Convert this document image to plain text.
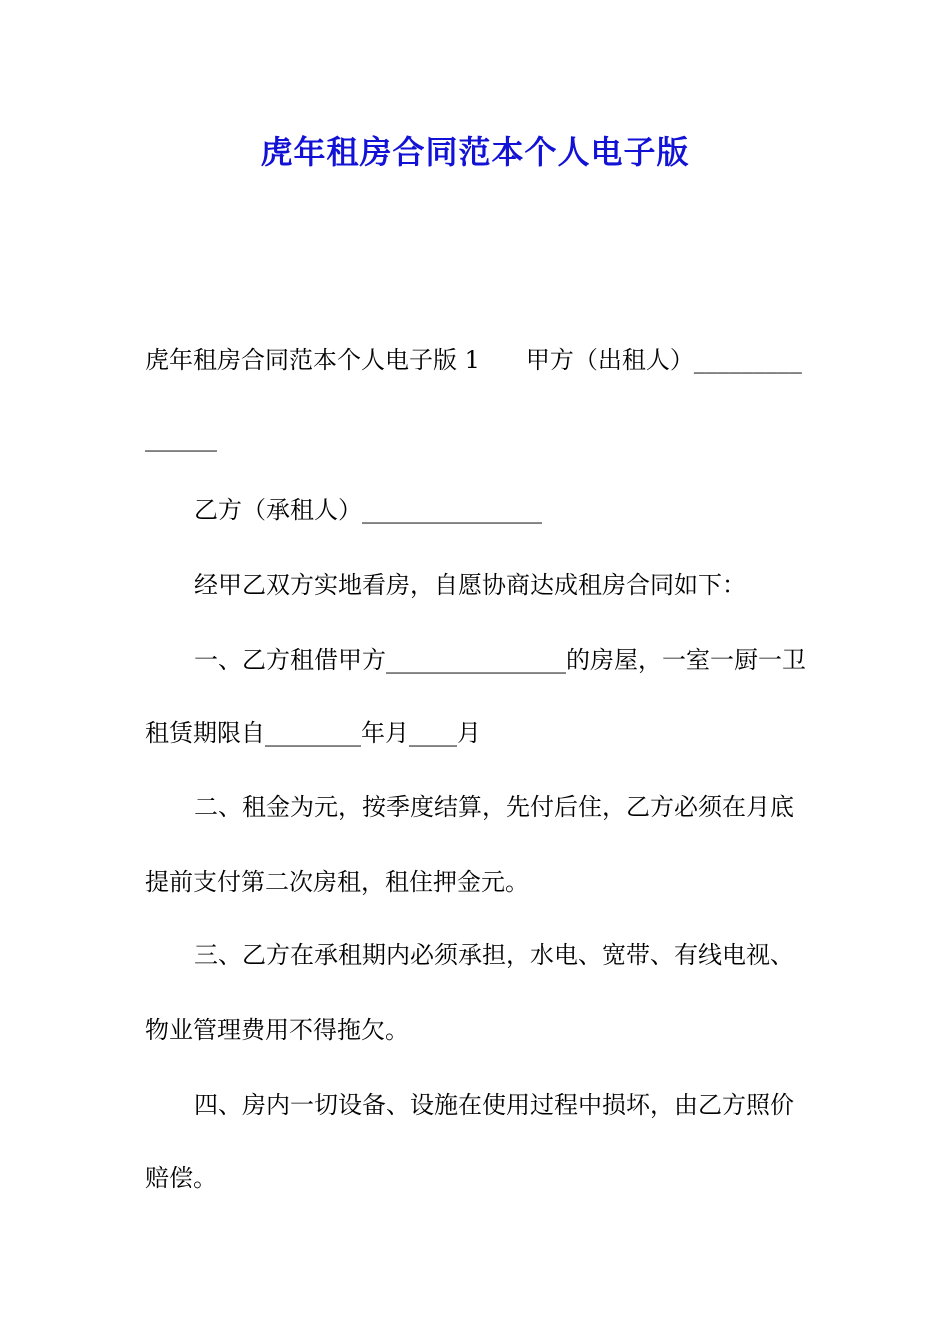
虎年租房合同范本个人电子版
虎年租房合同范本个人电子版 1 甲方（出租人）_________
______
乙方（承租人）_______________
经甲乙双方实地看房，自愿协商达成租房合同如下：
一、乙方租借甲方_______________的房屋，一室一厨一卫
租赁期限自________年月____月
二、租金为元，按季度结算，先付后住，乙方必须在月底
提前支付第二次房租，租住押金元。
三、乙方在承租期内必须承担，水电、宽带、有线电视、
物业管理费用不得拖欠。
四、房内一切设备、设施在使用过程中损坏，由乙方照价
赔偿。
